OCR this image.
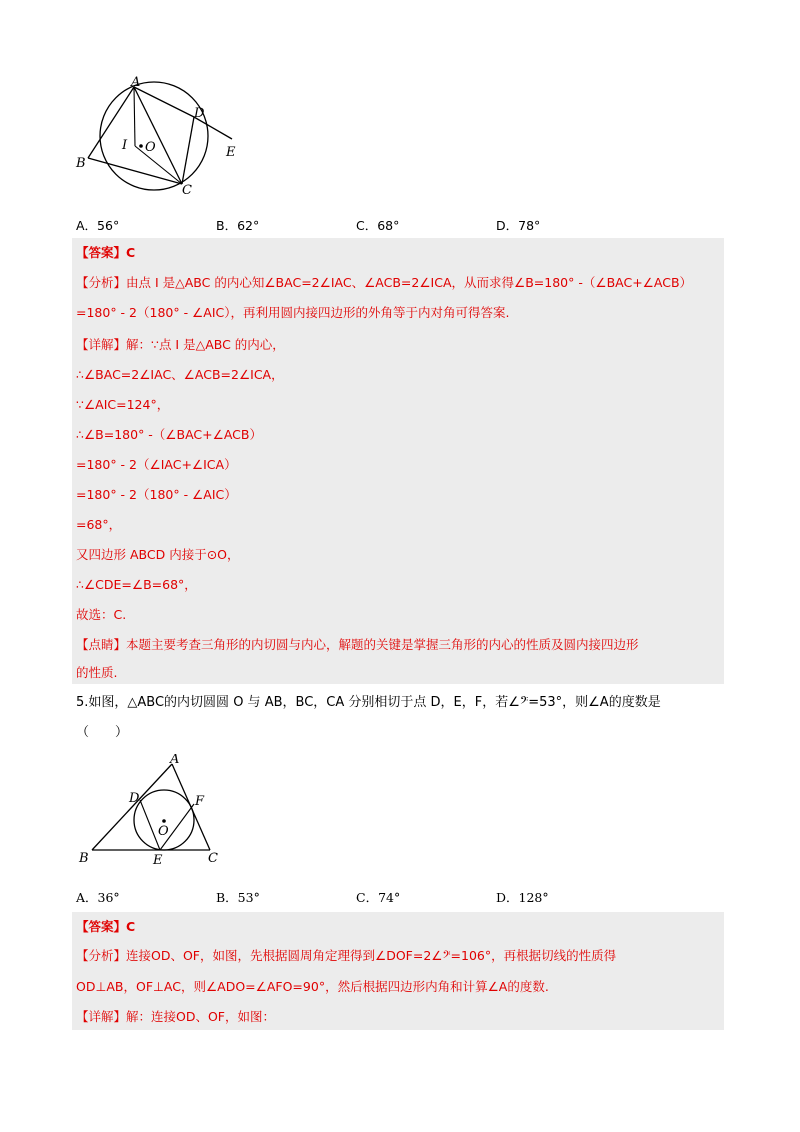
A
B
C
D
E
I O
A．56°	B．62°	C．68°	D．78°
【答案】C
【分析】由点 I 是△ABC 的内心知∠BAC=2∠IAC、∠ACB=2∠ICA，从而求得∠B=180° -（∠BAC+∠ACB）
=180° - 2（180° - ∠AIC），再利用圆内接四边形的外角等于内对角可得答案.
【详解】解：∵点 I 是△ABC 的内心，
∴∠BAC=2∠IAC、∠ACB=2∠ICA，
∵∠AIC=124°，
∴∠B=180° -（∠BAC+∠ACB）
=180° - 2（∠IAC+∠ICA）
=180° - 2（180° - ∠AIC）
=68°，
又四边形 ABCD 内接于⊙O，
∴∠CDE=∠B=68°，
故选：C.
【点睛】本题主要考查三角形的内切圆与内心，解题的关键是掌握三角形的内心的性质及圆内接四边形
的性质.
5.如图，△ABC的内切圆圆 O 与 AB，BC，CA 分别相切于点 D，E，F，若∠𝄢=53°，则∠A的度数是
（　　）
A
B	C
D
E
F
O
A．36°	B．53°	C．74°	D．128°
【答案】C
【分析】连接OD、OF，如图，先根据圆周角定理得到∠DOF=2∠𝄢=106°，再根据切线的性质得
OD⊥AB，OF⊥AC，则∠ADO=∠AFO=90°，然后根据四边形内角和计算∠A的度数.
【详解】解：连接OD、OF，如图：
